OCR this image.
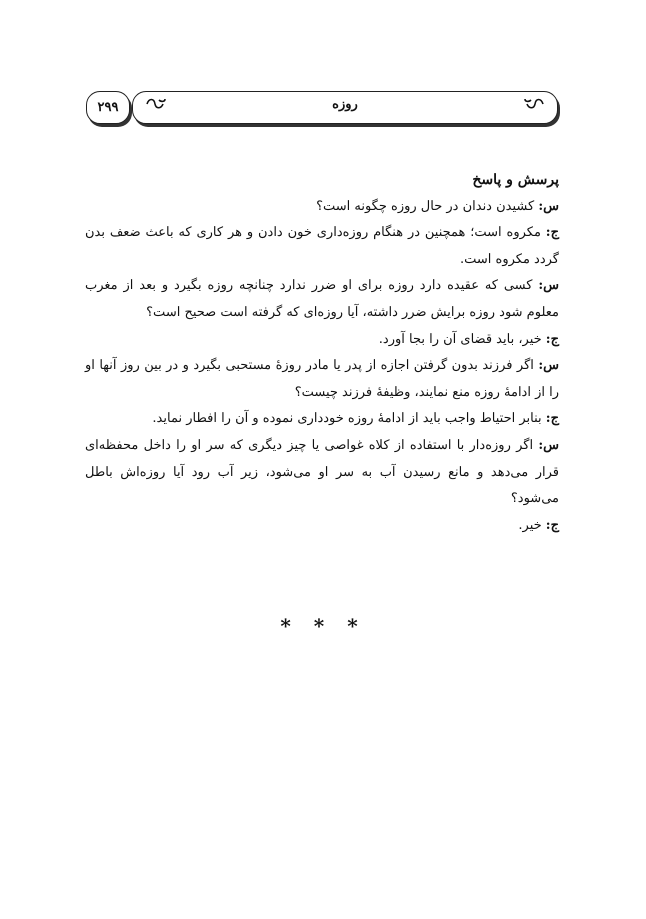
۲۹۹	روزه

پرسش و پاسخ

س: کشیدن دندان در حال روزه چگونه است؟

ج: مکروه است؛ همچنین در هنگام روزه‌داری خون دادن و هر کاری که باعث ضعف بدن گردد مکروه است.

س: کسی که عقیده دارد روزه برای او ضرر ندارد چنانچه روزه بگیرد و بعد از مغرب معلوم شود روزه برایش ضرر داشته، آیا روزه‌ای که گرفته است صحیح است؟

ج: خیر، باید قضای آن را بجا آورد.

س: اگر فرزند بدون گرفتن اجازه از پدر یا مادر روزهٔ مستحبی بگیرد و در بین روز آنها او را از ادامهٔ روزه منع نمایند، وظیفهٔ فرزند چیست؟

ج: بنابر احتیاط واجب باید از ادامهٔ روزه خودداری نموده و آن را افطار نماید.

س: اگر روزه‌دار با استفاده از کلاه غواصی یا چیز دیگری که سر او را داخل محفظه‌ای قرار می‌دهد و مانع رسیدن آب به سر او می‌شود، زیر آب رود آیا روزه‌اش باطل می‌شود؟

ج: خیر.

* * *
